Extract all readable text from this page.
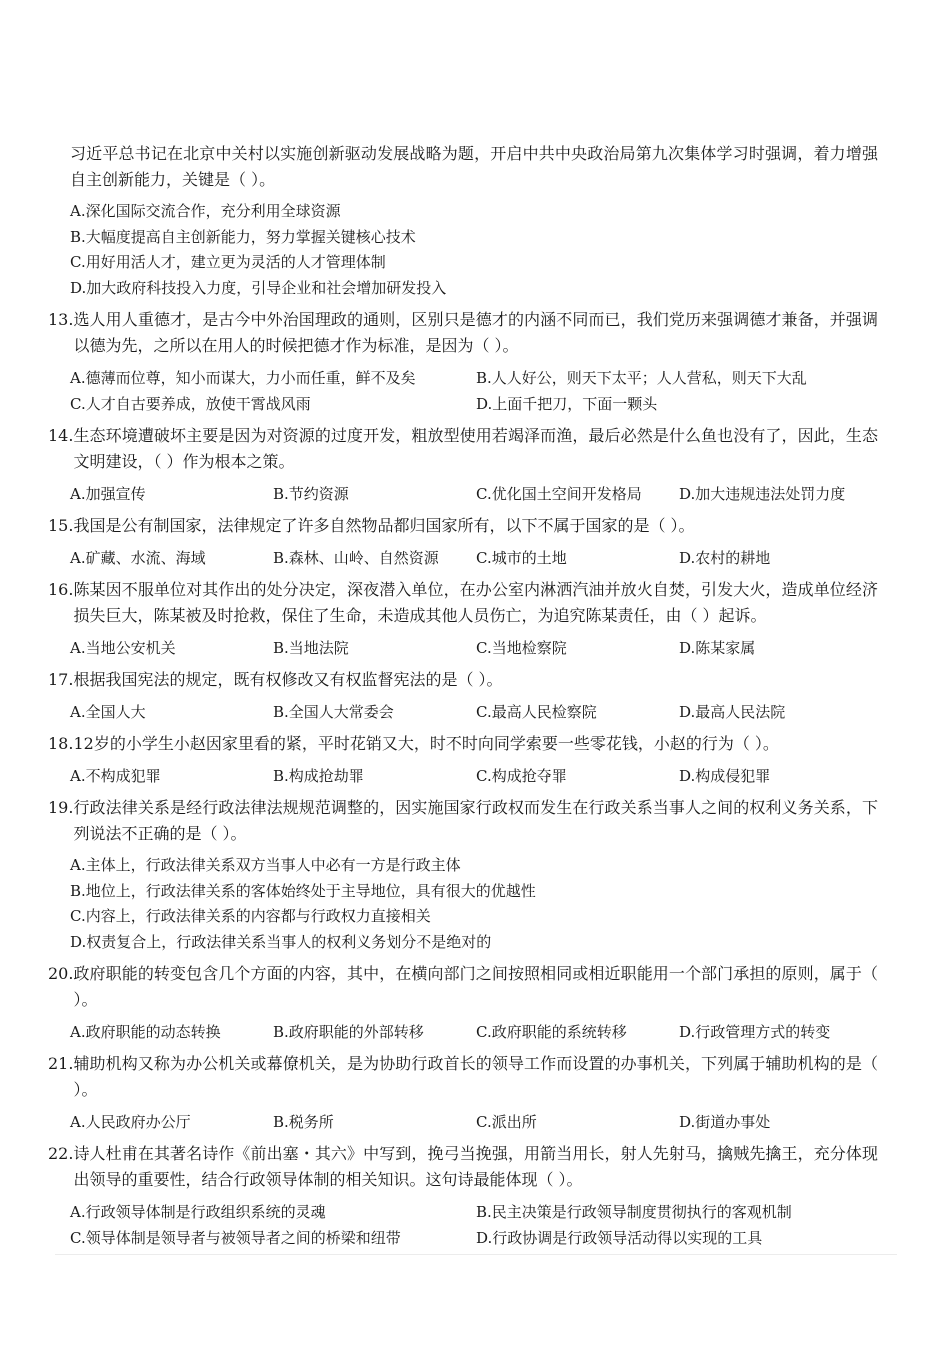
习近平总书记在北京中关村以实施创新驱动发展战略为题，开启中共中央政治局第九次集体学习时强调，着力增强自主创新能力，关键是（ ）。
A.深化国际交流合作，充分利用全球资源
B.大幅度提高自主创新能力，努力掌握关键核心技术
C.用好用活人才，建立更为灵活的人才管理体制
D.加大政府科技投入力度，引导企业和社会增加研发投入
13. 选人用人重德才，是古今中外治国理政的通则，区别只是德才的内涵不同而已，我们党历来强调德才兼备，并强调以德为先，之所以在用人的时候把德才作为标准，是因为（ ）。
A.德薄而位尊，知小而谋大，力小而任重，鲜不及矣	B.人人好公，则天下太平；人人营私，则天下大乱
C.人才自古要养成，放使干霄战风雨	D.上面千把刀，下面一颗头
14. 生态环境遭破坏主要是因为对资源的过度开发，粗放型使用若竭泽而渔，最后必然是什么鱼也没有了，因此，生态文明建设，（ ）作为根本之策。
A.加强宣传	B.节约资源	C.优化国土空间开发格局	D.加大违规违法处罚力度
15. 我国是公有制国家，法律规定了许多自然物品都归国家所有，以下不属于国家的是（ ）。
A.矿藏、水流、海域	B.森林、山岭、自然资源	C.城市的土地	D.农村的耕地
16. 陈某因不服单位对其作出的处分决定，深夜潜入单位，在办公室内淋洒汽油并放火自焚，引发大火，造成单位经济损失巨大，陈某被及时抢救，保住了生命，未造成其他人员伤亡，为追究陈某责任，由（ ）起诉。
A.当地公安机关	B.当地法院	C.当地检察院	D.陈某家属
17. 根据我国宪法的规定，既有权修改又有权监督宪法的是（ ）。
A.全国人大	B.全国人大常委会	C.最高人民检察院	D.最高人民法院
18. 12岁的小学生小赵因家里看的紧，平时花销又大，时不时向同学索要一些零花钱，小赵的行为（ ）。
A.不构成犯罪	B.构成抢劫罪	C.构成抢夺罪	D.构成侵犯罪
19. 行政法律关系是经行政法律法规规范调整的，因实施国家行政权而发生在行政关系当事人之间的权利义务关系，下列说法不正确的是（ ）。
A.主体上，行政法律关系双方当事人中必有一方是行政主体
B.地位上，行政法律关系的客体始终处于主导地位，具有很大的优越性
C.内容上，行政法律关系的内容都与行政权力直接相关
D.权责复合上，行政法律关系当事人的权利义务划分不是绝对的
20. 政府职能的转变包含几个方面的内容，其中，在横向部门之间按照相同或相近职能用一个部门承担的原则，属于（ ）。
A.政府职能的动态转换	B.政府职能的外部转移	C.政府职能的系统转移	D.行政管理方式的转变
21. 辅助机构又称为办公机关或幕僚机关，是为协助行政首长的领导工作而设置的办事机关，下列属于辅助机构的是（ ）。
A.人民政府办公厅	B.税务所	C.派出所	D.街道办事处
22. 诗人杜甫在其著名诗作《前出塞・其六》中写到，挽弓当挽强，用箭当用长，射人先射马，擒贼先擒王，充分体现出领导的重要性，结合行政领导体制的相关知识。这句诗最能体现（ ）。
A.行政领导体制是行政组织系统的灵魂	B.民主决策是行政领导制度贯彻执行的客观机制
C.领导体制是领导者与被领导者之间的桥梁和纽带	D.行政协调是行政领导活动得以实现的工具
